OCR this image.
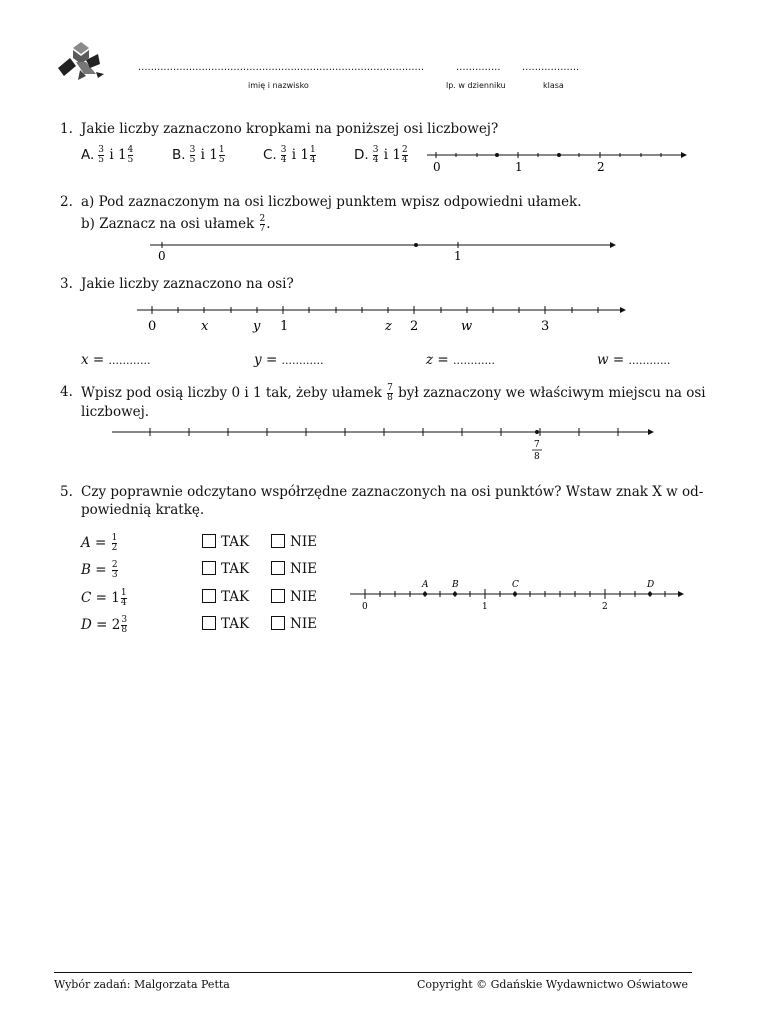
..........................................................................................
imię i nazwisko
..............
lp. w dzienniku
..................
klasa
1. Jakie liczby zaznaczono kropkami na poniższej osi liczbowej?
A. $\frac{3}{5}$ i $1 \frac{4}{5}$	B. $\frac{3}{5}$ i $1 \frac{1}{5}$	C. $\frac{3}{4}$ i $1 \frac{1}{4}$	D. $\frac{3}{4}$ i $1 \frac{2}{4}$
0	1	2
2. a) Pod zaznaczonym na osi liczbowej punktem wpisz odpowiedni ułamek.
b) Zaznacz na osi ułamek $\frac{2}{7}$ .
0	1
3. Jakie liczby zaznaczono na osi?
0	x	y 1	z 2	w	3
x = ............	y = ............	z = ............	w = ............
4. Wpisz pod osią liczby 0 i 1 tak, żeby ułamek $\frac{7}{8}$ był zaznaczony we właściwym miejscu na osi
liczbowej.
7
8
5. Czy poprawnie odczytano współrzędne zaznaczonych na osi punktów? Wstaw znak X w od-
powiednią kratkę.
$A = \frac{1}{2}$	TAK	NIE
$B = \frac{2}{3}$	TAK	NIE
$C = 1 \frac{1}{4}$	TAK	NIE
$D = 2 \frac{3}{8}$	TAK	NIE
A	B	C	D
0	1	2
Wybór zadań: Malgorzata Petta	Copyright © Gdańskie Wydawnictwo Oświatowe
